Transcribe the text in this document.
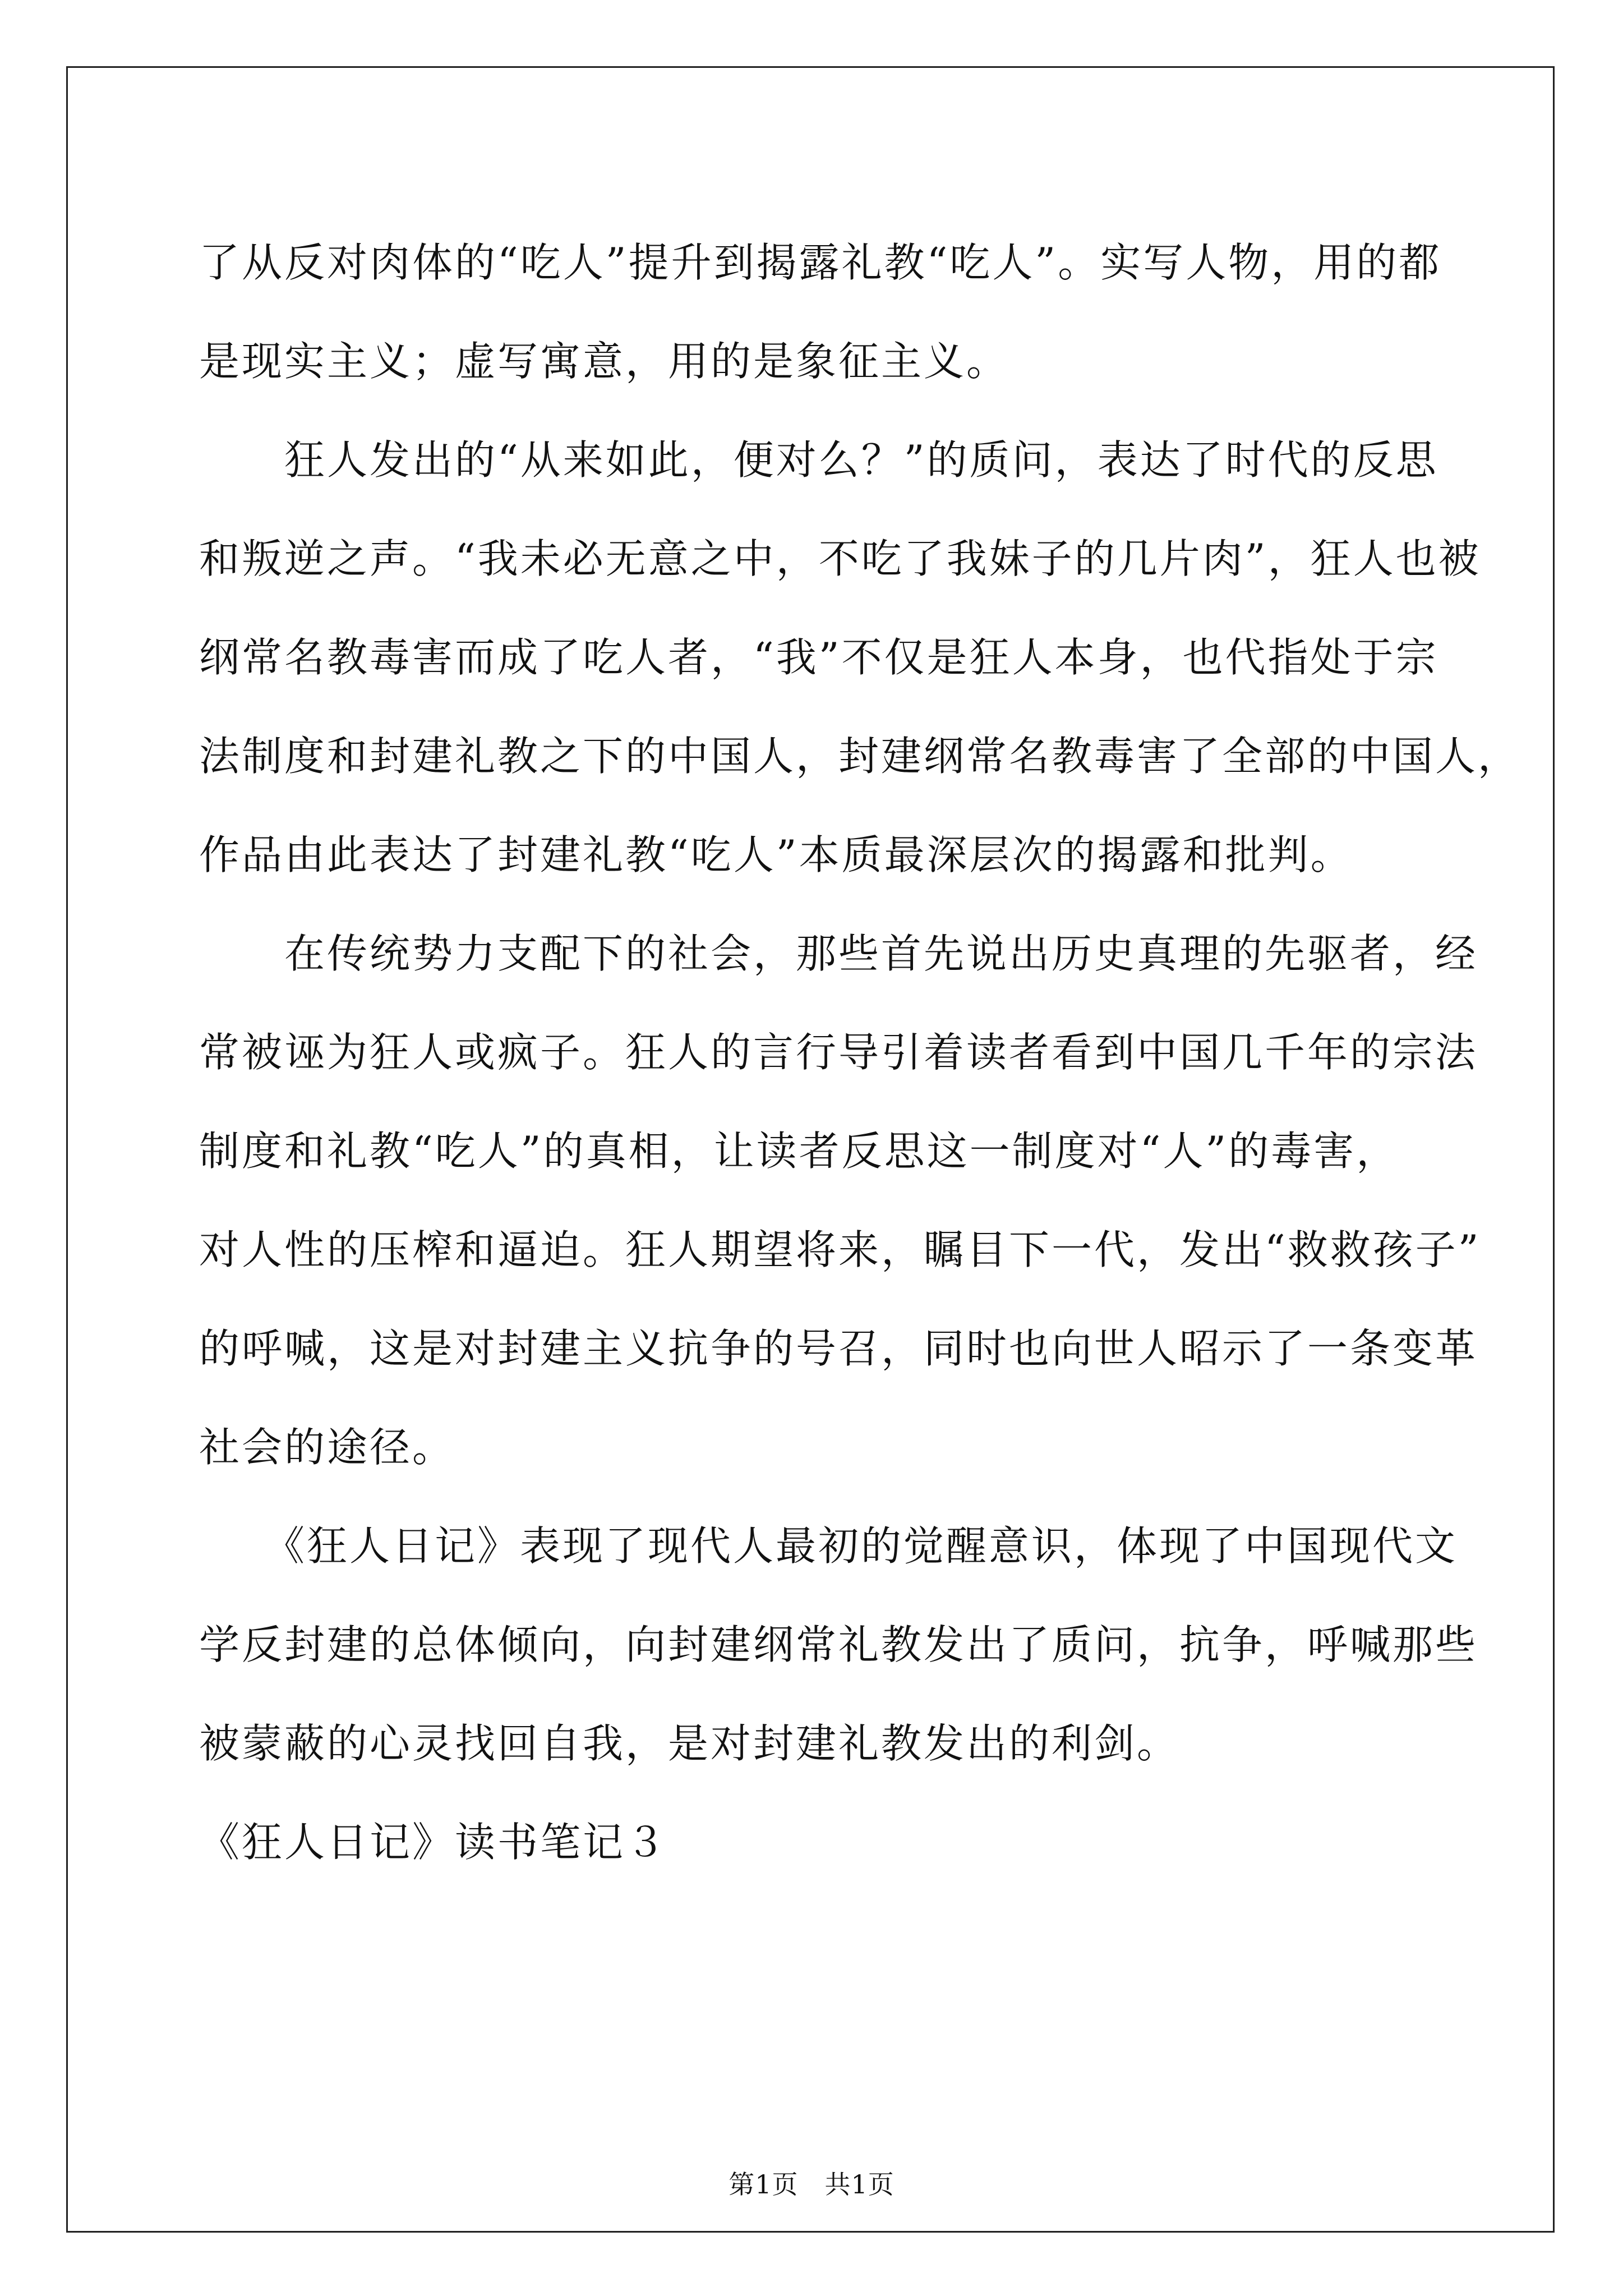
了从反对肉体的“吃人”提升到揭露礼教“吃人”。实写人物，用的都
是现实主义；虚写寓意，用的是象征主义。

　　狂人发出的“从来如此，便对么？”的质问，表达了时代的反思
和叛逆之声。“我未必无意之中，不吃了我妹子的几片肉”，狂人也被
纲常名教毒害而成了吃人者，“我”不仅是狂人本身，也代指处于宗
法制度和封建礼教之下的中国人，封建纲常名教毒害了全部的中国人，
作品由此表达了封建礼教“吃人”本质最深层次的揭露和批判。

　　在传统势力支配下的社会，那些首先说出历史真理的先驱者，经
常被诬为狂人或疯子。狂人的言行导引着读者看到中国几千年的宗法
制度和礼教“吃人”的真相，让读者反思这一制度对“人”的毒害，
对人性的压榨和逼迫。狂人期望将来，瞩目下一代，发出“救救孩子”
的呼喊，这是对封建主义抗争的号召，同时也向世人昭示了一条变革
社会的途径。

　　《狂人日记》表现了现代人最初的觉醒意识，体现了中国现代文
学反封建的总体倾向，向封建纲常礼教发出了质问，抗争，呼喊那些
被蒙蔽的心灵找回自我，是对封建礼教发出的利剑。

《狂人日记》读书笔记３

第1页　共1页
